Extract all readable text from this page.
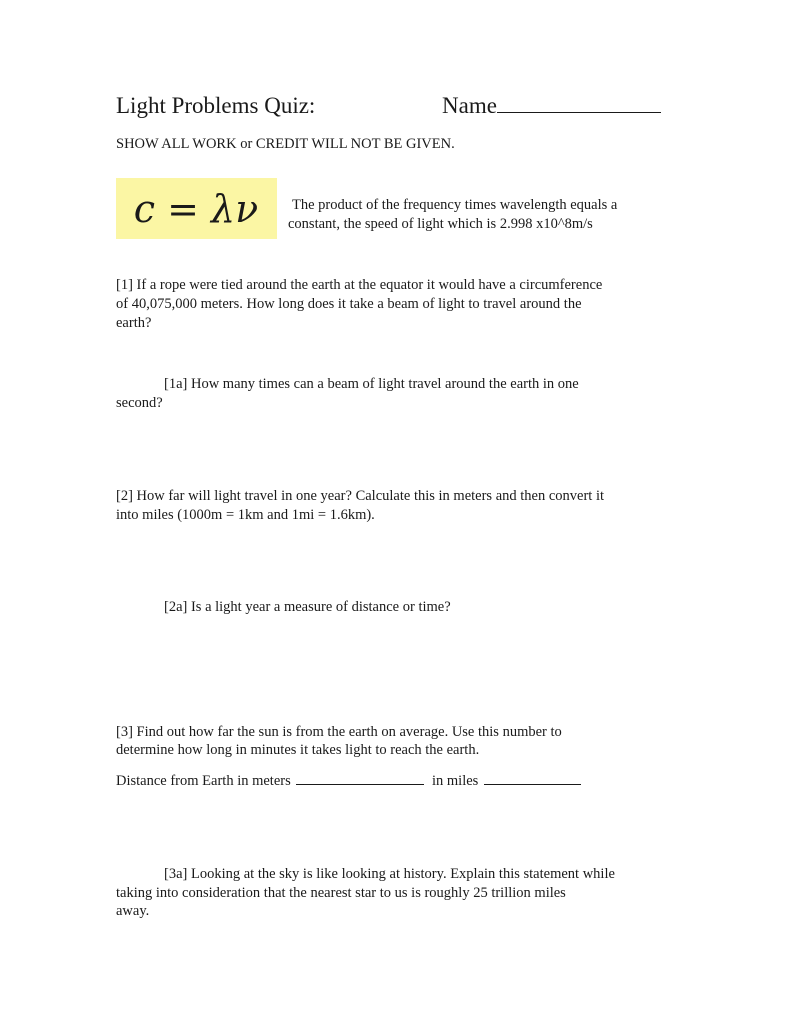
Light Problems Quiz:	Name
SHOW ALL WORK or CREDIT WILL NOT BE GIVEN.
c = λν The product of the frequency times wavelength equals a
constant, the speed of light which is 2.998 x10^8m/s
[1] If a rope were tied around the earth at the equator it would have a circumference
of 40,075,000 meters. How long does it take a beam of light to travel around the
earth?
[1a] How many times can a beam of light travel around the earth in one
second?
[2] How far will light travel in one year? Calculate this in meters and then convert it
into miles (1000m = 1km and 1mi = 1.6km).
[2a] Is a light year a measure of distance or time?
[3] Find out how far the sun is from the earth on average. Use this number to
determine how long in minutes it takes light to reach the earth.
Distance from Earth in meters	in miles
[3a] Looking at the sky is like looking at history. Explain this statement while
taking into consideration that the nearest star to us is roughly 25 trillion miles
away.
